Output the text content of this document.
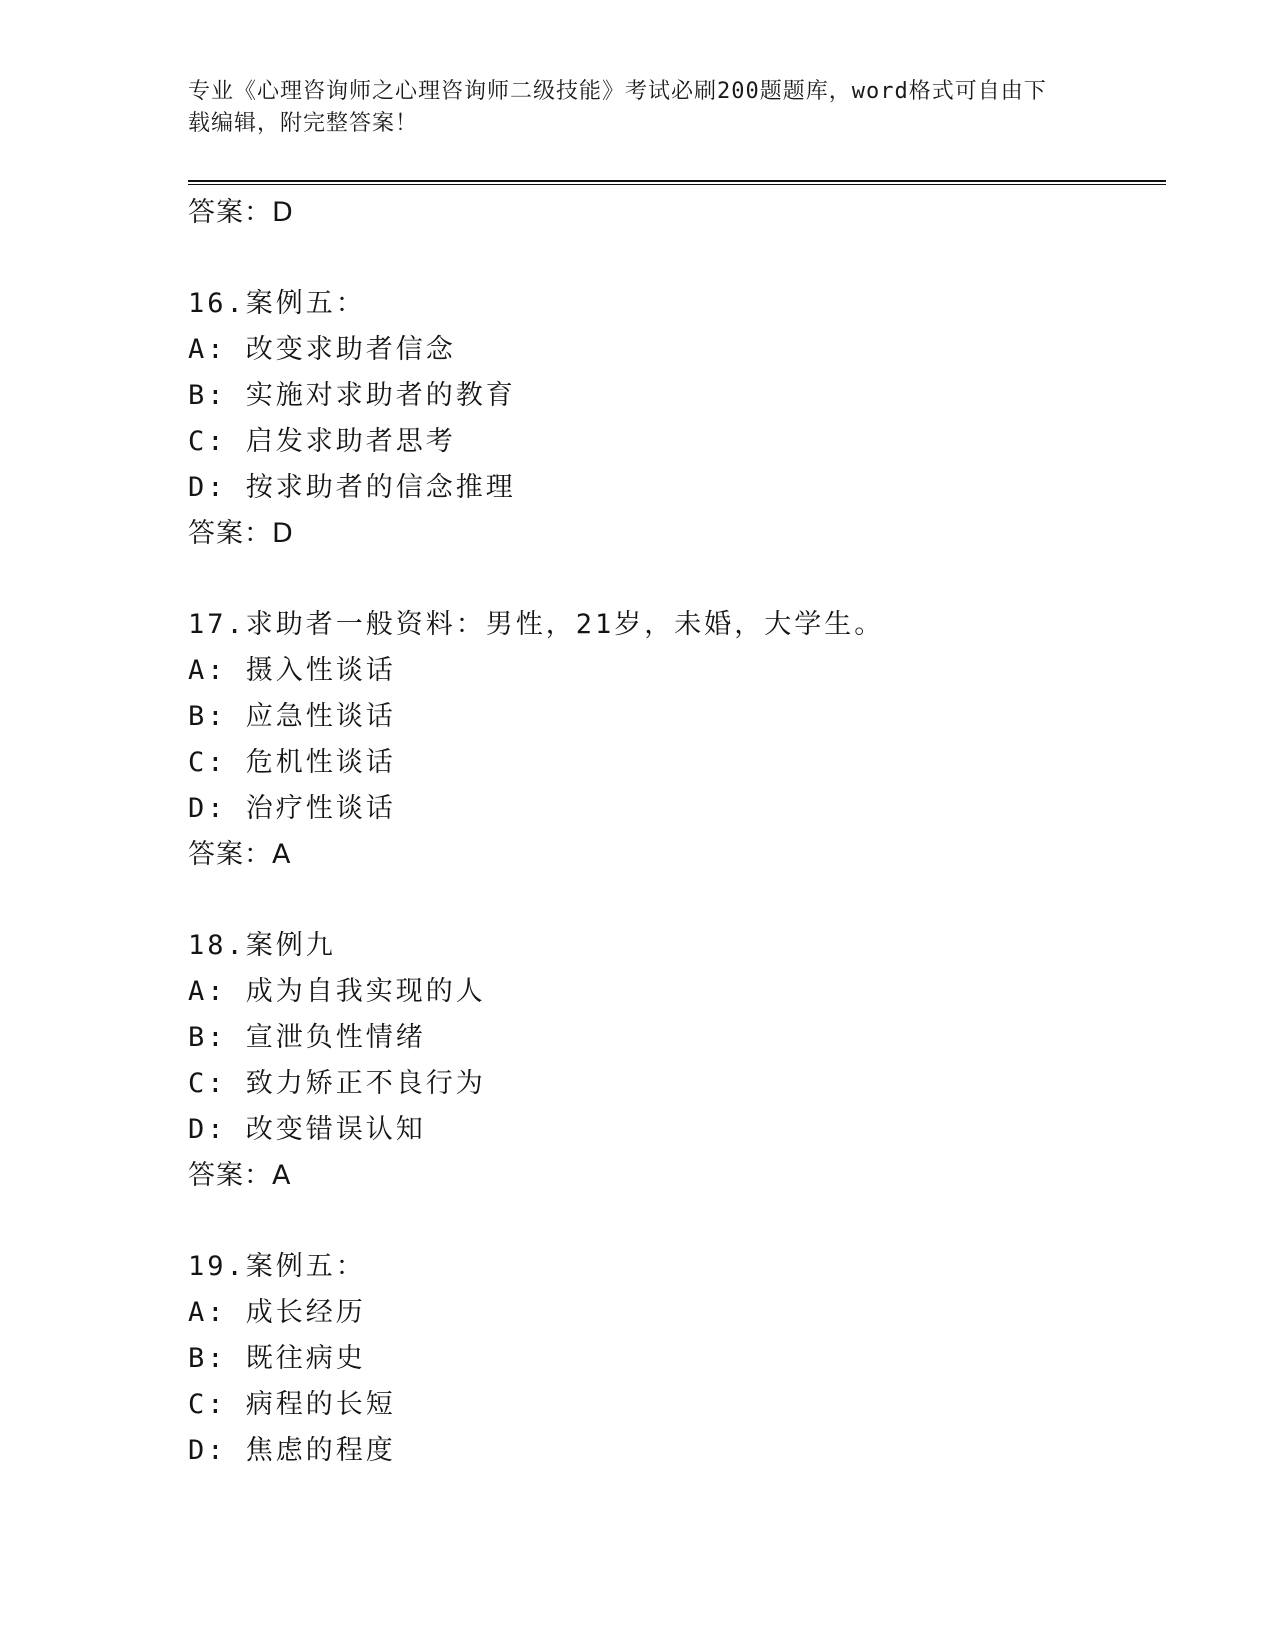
专业《心理咨询师之心理咨询师二级技能》考试必刷200题题库，word格式可自由下载编辑，附完整答案！
答案：D
16.案例五：
A: 改变求助者信念
B: 实施对求助者的教育
C: 启发求助者思考
D: 按求助者的信念推理
答案：D
17.求助者一般资料：男性，21岁，未婚，大学生。
A: 摄入性谈话
B: 应急性谈话
C: 危机性谈话
D: 治疗性谈话
答案：A
18.案例九
A: 成为自我实现的人
B: 宣泄负性情绪
C: 致力矫正不良行为
D: 改变错误认知
答案：A
19.案例五：
A: 成长经历
B: 既往病史
C: 病程的长短
D: 焦虑的程度
